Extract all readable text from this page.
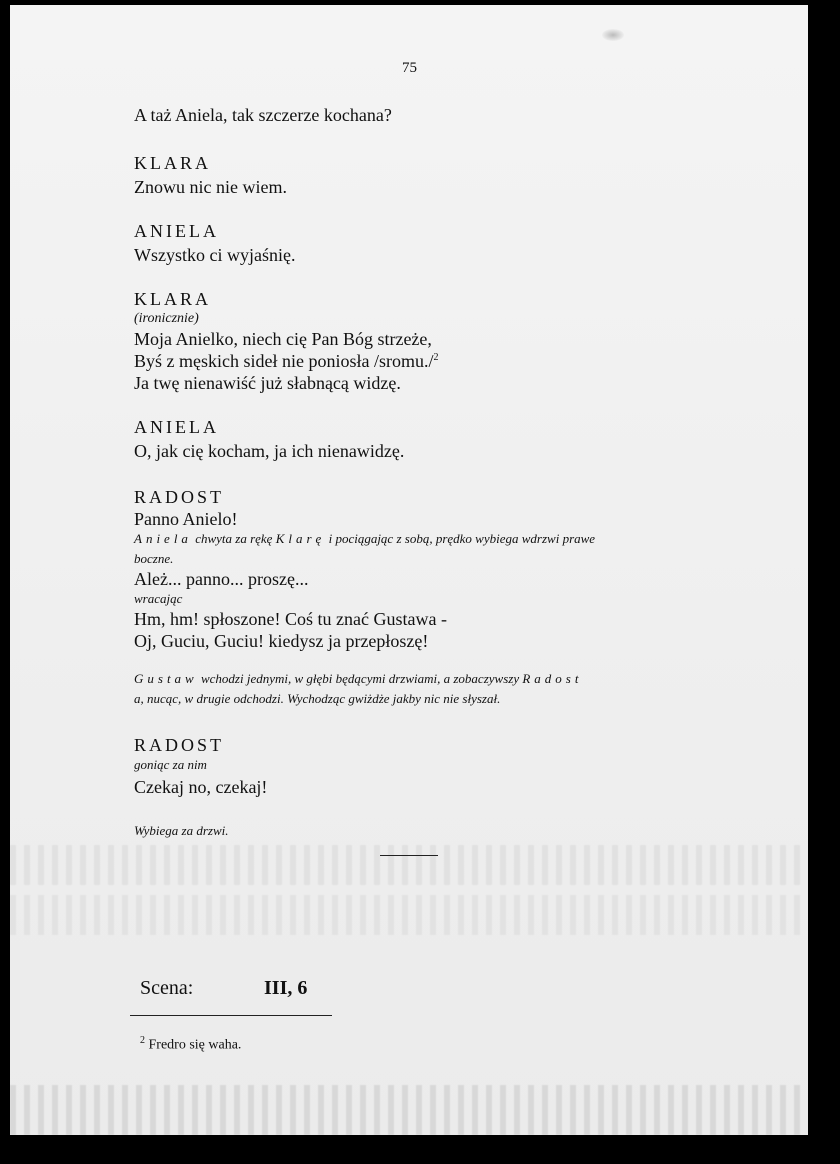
75
A taż Aniela, tak szczerze kochana?
KLARA
Znowu nic nie wiem.
ANIELA
Wszystko ci wyjaśnię.
KLARA
(ironicznie)
Moja Anielko, niech cię Pan Bóg strzeże,
Byś z męskich sideł nie poniosła /sromu./$^2$
Ja twę nienawiść już słabnącą widzę.
ANIELA
O, jak cię kocham, ja ich nienawidzę.
RADOST
Panno Anielo!
Aniela chwyta za rękę Klarę i pociągając z sobą, prędko wybiega wdrzwi prawe
boczne.
Ależ... panno... proszę...
wracając
Hm, hm! spłoszone! Coś tu znać Gustawa -
Oj, Guciu, Guciu! kiedysz ja przepłoszę!
Gustaw wchodzi jednymi, w głębi będącymi drzwiami, a zobaczywszy Radost
a, nucąc, w drugie odchodzi. Wychodząc gwiżdże jakby nic nie słyszał.
RADOST
goniąc za nim
Czekaj no, czekaj!
Wybiega za drzwi.
Scena:	III, 6
$^2$ Fredro się waha.
